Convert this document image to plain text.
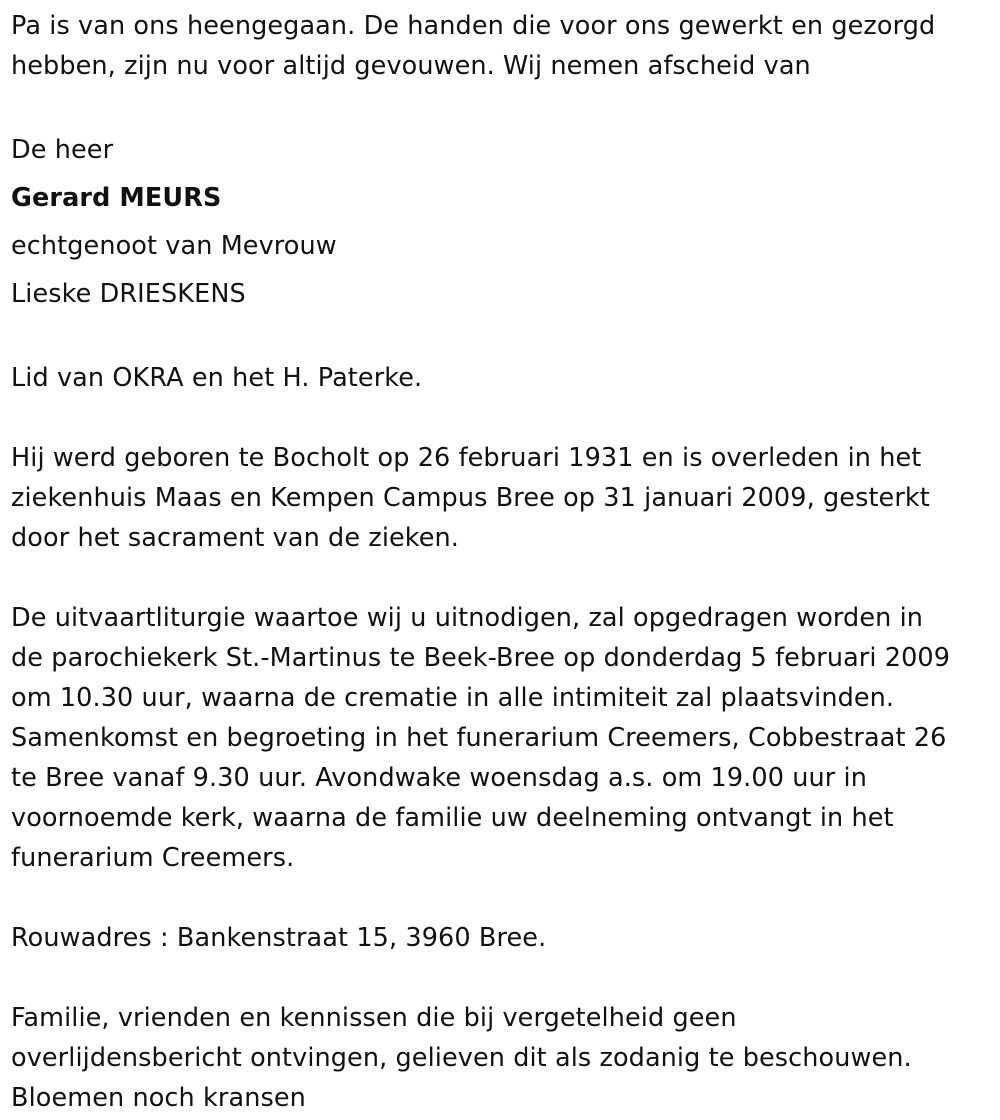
Pa is van ons heengegaan. De handen die voor ons gewerkt en gezorgd
hebben, zijn nu voor altijd gevouwen. Wij nemen afscheid van

De heer
Gerard MEURS
echtgenoot van Mevrouw
Lieske DRIESKENS

Lid van OKRA en het H. Paterke.

Hij werd geboren te Bocholt op 26 februari 1931 en is overleden in het
ziekenhuis Maas en Kempen Campus Bree op 31 januari 2009, gesterkt
door het sacrament van de zieken.

De uitvaartliturgie waartoe wij u uitnodigen, zal opgedragen worden in
de parochiekerk St.-Martinus te Beek-Bree op donderdag 5 februari 2009
om 10.30 uur, waarna de crematie in alle intimiteit zal plaatsvinden.
Samenkomst en begroeting in het funerarium Creemers, Cobbestraat 26
te Bree vanaf 9.30 uur. Avondwake woensdag a.s. om 19.00 uur in
voornoemde kerk, waarna de familie uw deelneming ontvangt in het
funerarium Creemers.

Rouwadres : Bankenstraat 15, 3960 Bree.

Familie, vrienden en kennissen die bij vergetelheid geen
overlijdensbericht ontvingen, gelieven dit als zodanig te beschouwen.
Bloemen noch kransen
